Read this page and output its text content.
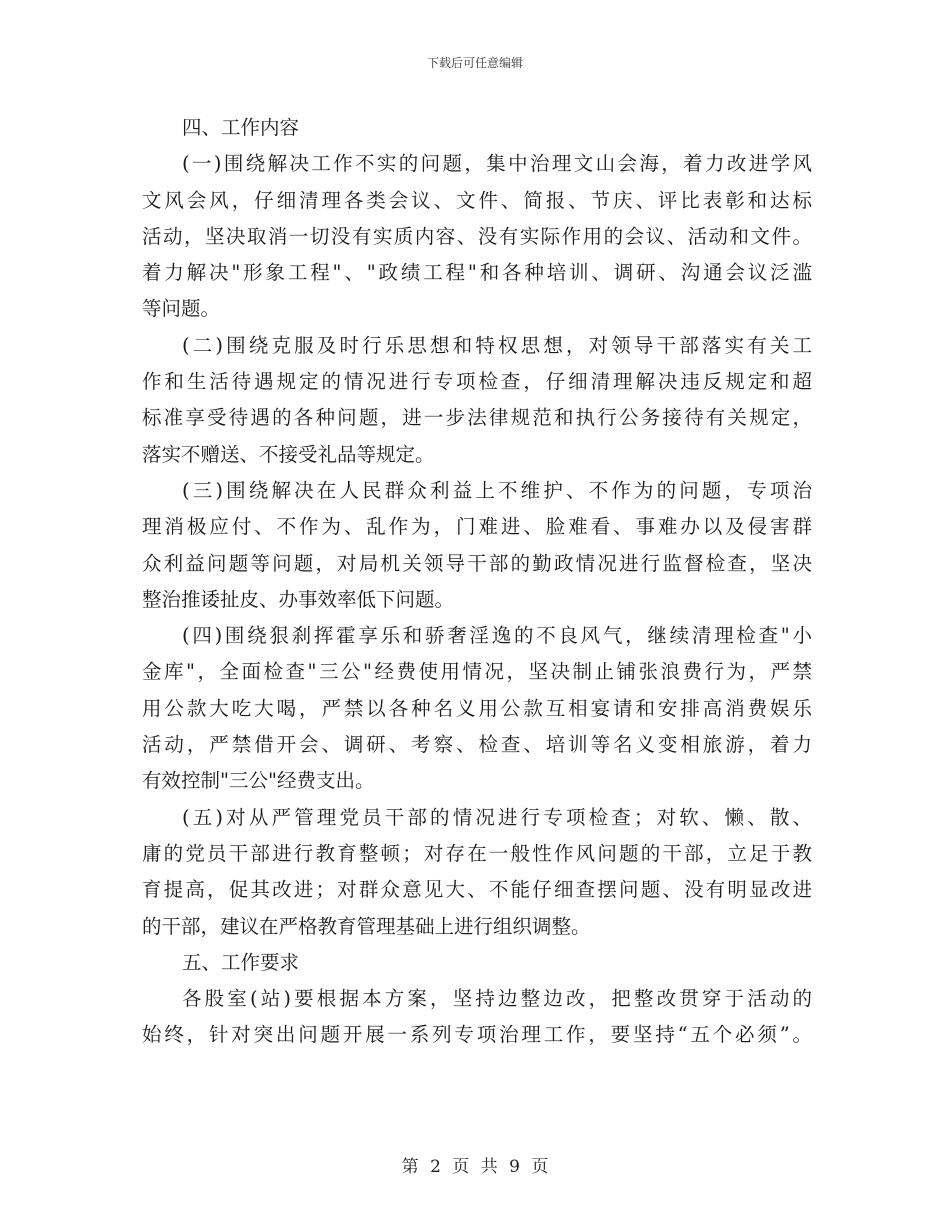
下载后可任意编辑
四、工作内容
(一)围绕解决工作不实的问题，集中治理文山会海，着力改进学风
文风会风，仔细清理各类会议、文件、简报、节庆、评比表彰和达标
活动，坚决取消一切没有实质内容、没有实际作用的会议、活动和文件。
着力解决"形象工程"、"政绩工程"和各种培训、调研、沟通会议泛滥
等问题。
(二)围绕克服及时行乐思想和特权思想，对领导干部落实有关工
作和生活待遇规定的情况进行专项检查，仔细清理解决违反规定和超
标准享受待遇的各种问题，进一步法律规范和执行公务接待有关规定，
落实不赠送、不接受礼品等规定。
(三)围绕解决在人民群众利益上不维护、不作为的问题，专项治
理消极应付、不作为、乱作为，门难进、脸难看、事难办以及侵害群
众利益问题等问题，对局机关领导干部的勤政情况进行监督检查，坚决
整治推诿扯皮、办事效率低下问题。
(四)围绕狠刹挥霍享乐和骄奢淫逸的不良风气，继续清理检查"小
金库"，全面检查"三公"经费使用情况，坚决制止铺张浪费行为，严禁
用公款大吃大喝，严禁以各种名义用公款互相宴请和安排高消费娱乐
活动，严禁借开会、调研、考察、检查、培训等名义变相旅游，着力
有效控制"三公"经费支出。
(五)对从严管理党员干部的情况进行专项检查；对软、懒、散、
庸的党员干部进行教育整顿；对存在一般性作风问题的干部，立足于教
育提高，促其改进；对群众意见大、不能仔细查摆问题、没有明显改进
的干部，建议在严格教育管理基础上进行组织调整。
五、工作要求
各股室(站)要根据本方案，坚持边整边改，把整改贯穿于活动的
始终，针对突出问题开展一系列专项治理工作，要坚持“五个必须”。
第 2 页 共 9 页
